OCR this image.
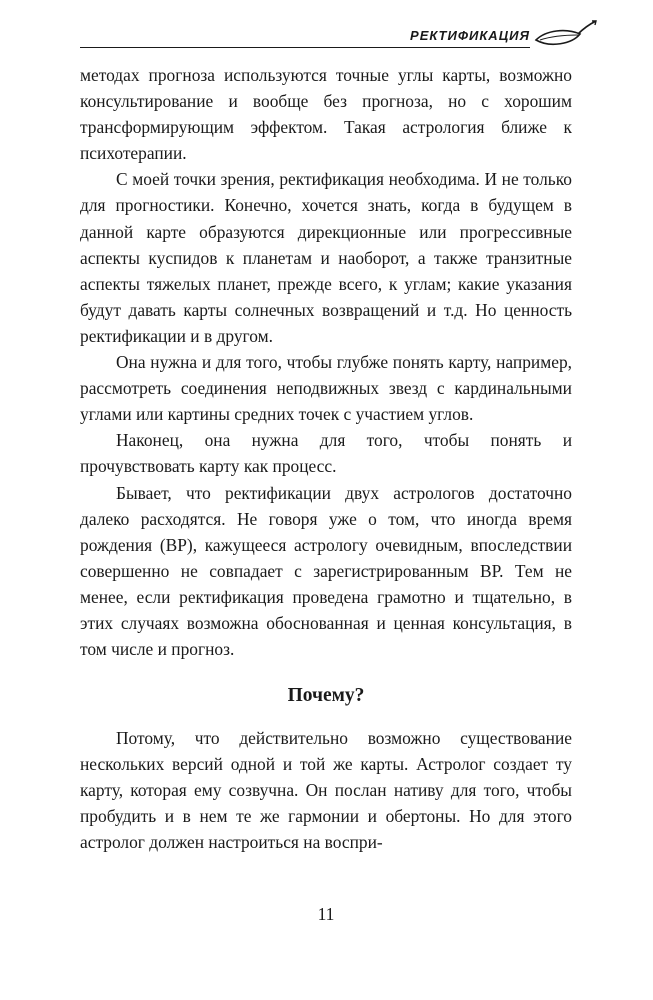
РЕКТИФИКАЦИЯ

методах прогноза используются точные углы карты, возможно консультирование и вообще без прогноза, но с хорошим трансформирующим эффектом. Такая астрология ближе к психотерапии.

С моей точки зрения, ректификация необходима. И не только для прогностики. Конечно, хочется знать, когда в будущем в данной карте образуются дирекционные или прогрессивные аспекты куспидов к планетам и наоборот, а также транзитные аспекты тяжелых планет, прежде всего, к углам; какие указания будут давать карты солнечных возвращений и т.д. Но ценность ректификации и в другом.

Она нужна и для того, чтобы глубже понять карту, например, рассмотреть соединения неподвижных звезд с кардинальными углами или картины средних точек с участием углов.

Наконец, она нужна для того, чтобы понять и прочувствовать карту как процесс.

Бывает, что ректификации двух астрологов достаточно далеко расходятся. Не говоря уже о том, что иногда время рождения (ВР), кажущееся астрологу очевидным, впоследствии совершенно не совпадает с зарегистрированным ВР. Тем не менее, если ректификация проведена грамотно и тщательно, в этих случаях возможна обоснованная и ценная консультация, в том числе и прогноз.

Почему?

Потому, что действительно возможно существование нескольких версий одной и той же карты. Астролог создает ту карту, которая ему созвучна. Он послан нативу для того, чтобы пробудить и в нем те же гармонии и обертоны. Но для этого астролог должен настроиться на воспри-

11
